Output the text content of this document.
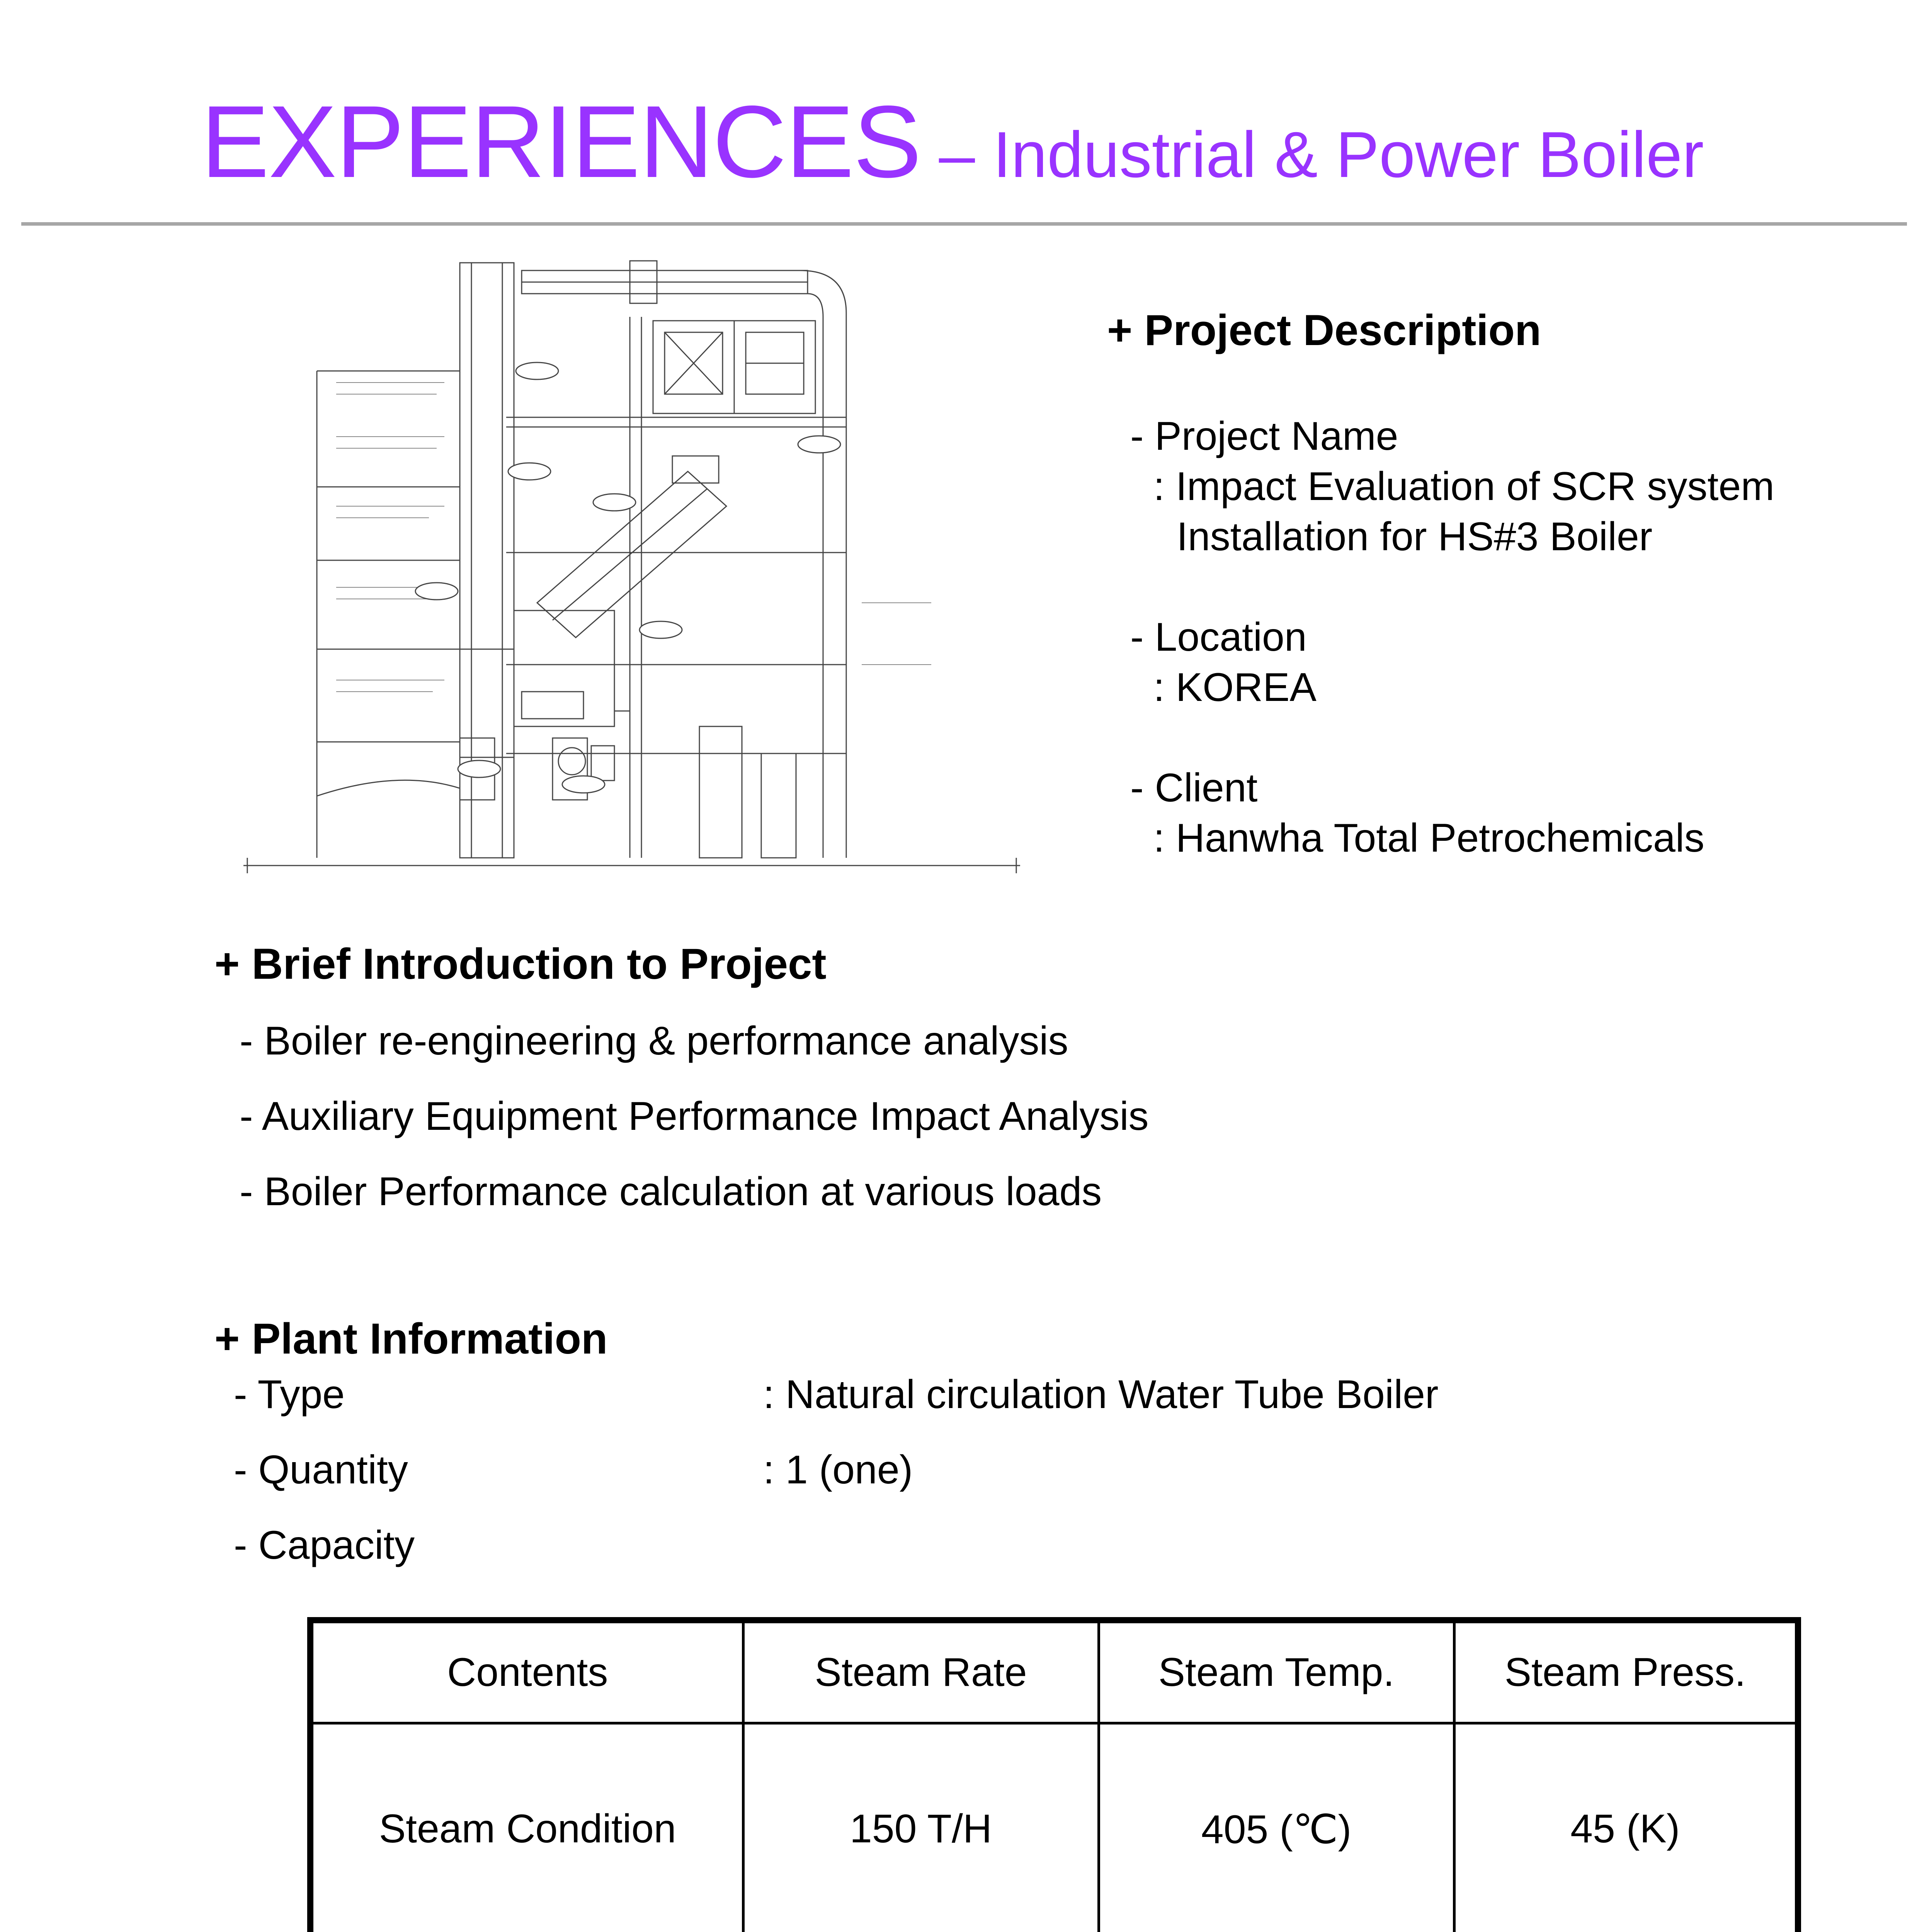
EXPERIENCES – Industrial & Power Boiler
+ Project Description
- Project Name
: Impact Evaluation of SCR system
Installation for HS#3 Boiler
- Location
: KOREA
- Client
: Hanwha Total Petrochemicals
+ Brief Introduction to Project
- Boiler re-engineering & performance analysis
- Auxiliary Equipment Performance Impact Analysis
- Boiler Performance calculation at various loads
+ Plant Information
- Type	: Natural circulation Water Tube Boiler
- Quantity	: 1 (one)
- Capacity
Contents	Steam Rate	Steam Temp.	Steam Press.
Steam Condition	150 T/H	405 (℃)	45 (K)
